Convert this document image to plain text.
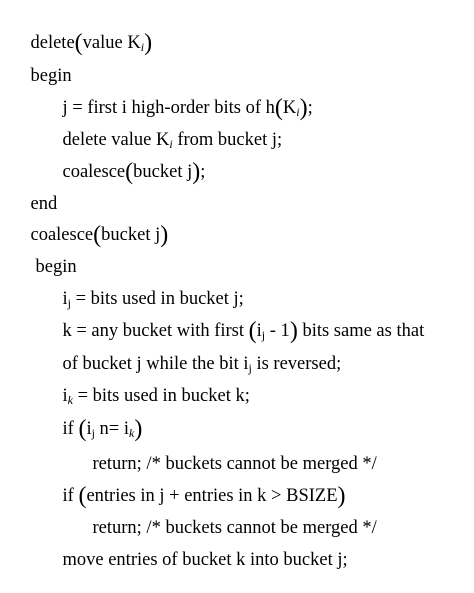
delete(value $K_i$)

begin

j = first i high-order bits of $h(K_i)$;

delete value $K_i$ from bucket j;

coalesce(bucket j);

end

coalesce(bucket j)

begin

$i_j$ = bits used in bucket j;

k = any bucket with first $(i_j - 1)$ bits same as that

of bucket j while the bit $i_j$ is reversed;

$i_k$ = bits used in bucket k;

if ($i_j$ $n= i_k$)

return; /* buckets cannot be merged */

if (entries in j + entries in k > BSIZE)

return; /* buckets cannot be merged */

move entries of bucket k into bucket j;
